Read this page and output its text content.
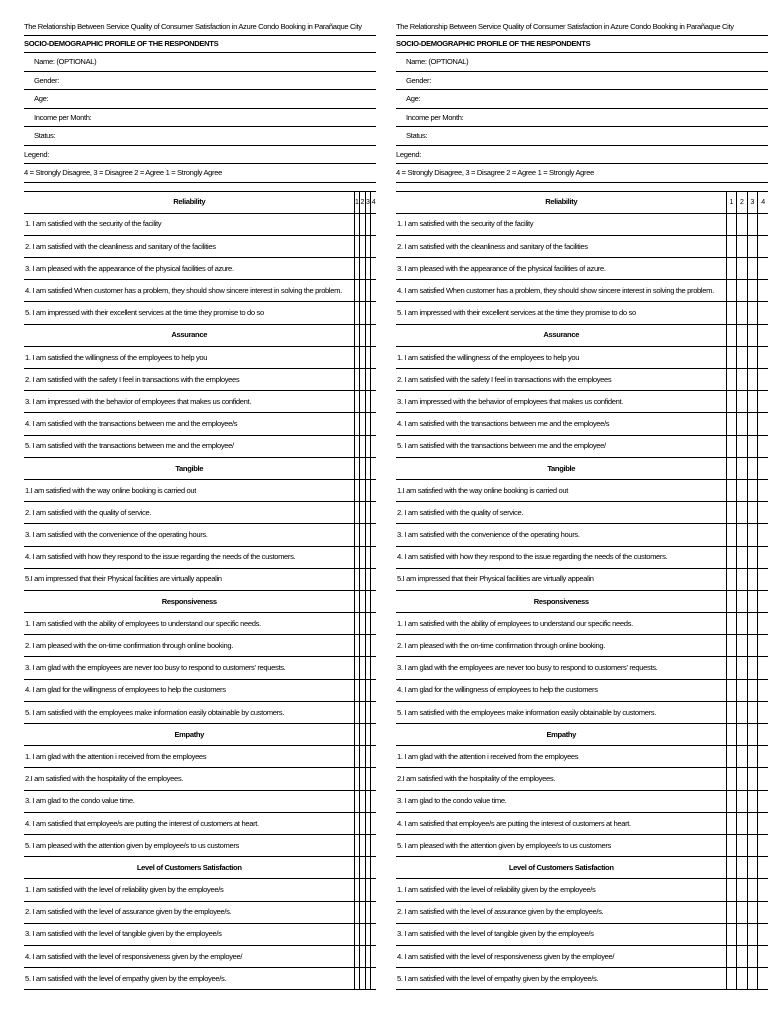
The Relationship Between Service Quality of Consumer Satisfaction in Azure Condo Booking in Parañaque City
SOCIO-DEMOGRAPHIC PROFILE OF THE RESPONDENTS
Name: (OPTIONAL)
Gender:
Age:
Income per Month:
Status:
Legend:
4 = Strongly Disagree, 3 = Disagree 2 = Agree 1 = Strongly Agree
Reliability	1	2	3	4
1. I am satisfied with the security of the facility				
2. I am satisfied with the cleanliness and sanitary of the facilities				
3. I am pleased with the appearance of the physical facilities of azure.				
4. I am satisfied When customer has a problem, they should show sincere interest in solving the problem.				
5. I am impressed with their excellent services at the time they promise to do so				
Assurance				
1. I am satisfied the willingness of the employees to help you				
2. I am satisfied with the safety I feel in transactions with the employees				
3. I am impressed with the behavior of employees that makes us confident.				
4. I am satisfied with the transactions between me and the employee/s				
5. I am satisfied with the transactions between me and the employee/				
Tangible				
1.I am satisfied with the way online booking is carried out				
2. I am satisfied with the quality of service.				
3. I am satisfied with the convenience of the operating hours.				
4. I am satisfied with how they respond to the issue regarding the needs of the customers.				
5.I am impressed that their Physical facilities are virtually appealin				
Responsiveness				
1. I am satisfied with the ability of employees to understand our specific needs.				
2. I am pleased with the on-time confirmation through online booking.				
3. I am glad with the employees are never too busy to respond to customers' requests.				
4. I am glad for the willingness of employees to help the customers				
5. I am satisfied with the employees make information easily obtainable by customers.				
Empathy				
1. I am glad with the attention i received from the employees				
2.I am satisfied with the hospitality of the employees.				
3. I am glad to the condo value time.				
4. I am satisfied that employee/s are putting the interest of customers at heart.				
5. I am pleased with the attention given by employee/s to us customers				
Level of Customers Satisfaction				
1. I am satisfied with the level of reliability given by the employee/s				
2. I am satisfied with the level of assurance given by the employee/s.				
3. I am satisfied with the level of tangible given by the employee/s				
4. I am satisfied with the level of responsiveness given by the employee/				
5. I am satisfied with the level of empathy given by the employee/s.				
The Relationship Between Service Quality of Consumer Satisfaction in Azure Condo Booking in Parañaque City
SOCIO-DEMOGRAPHIC PROFILE OF THE RESPONDENTS
Name: (OPTIONAL)
Gender:
Age:
Income per Month:
Status:
Legend:
4 = Strongly Disagree, 3 = Disagree 2 = Agree 1 = Strongly Agree
Reliability	1	2	3	4
1. I am satisfied with the security of the facility				
2. I am satisfied with the cleanliness and sanitary of the facilities				
3. I am pleased with the appearance of the physical facilities of azure.				
4. I am satisfied When customer has a problem, they should show sincere interest in solving the problem.				
5. I am impressed with their excellent services at the time they promise to do so				
Assurance				
1. I am satisfied the willingness of the employees to help you				
2. I am satisfied with the safety I feel in transactions with the employees				
3. I am impressed with the behavior of employees that makes us confident.				
4. I am satisfied with the transactions between me and the employee/s				
5. I am satisfied with the transactions between me and the employee/				
Tangible				
1.I am satisfied with the way online booking is carried out				
2. I am satisfied with the quality of service.				
3. I am satisfied with the convenience of the operating hours.				
4. I am satisfied with how they respond to the issue regarding the needs of the customers.				
5.I am impressed that their Physical facilities are virtually appealin				
Responsiveness				
1. I am satisfied with the ability of employees to understand our specific needs.				
2. I am pleased with the on-time confirmation through online booking.				
3. I am glad with the employees are never too busy to respond to customers' requests.				
4. I am glad for the willingness of employees to help the customers				
5. I am satisfied with the employees make information easily obtainable by customers.				
Empathy				
1. I am glad with the attention i received from the employees				
2.I am satisfied with the hospitality of the employees.				
3. I am glad to the condo value time.				
4. I am satisfied that employee/s are putting the interest of customers at heart.				
5. I am pleased with the attention given by employee/s to us customers				
Level of Customers Satisfaction				
1. I am satisfied with the level of reliability given by the employee/s				
2. I am satisfied with the level of assurance given by the employee/s.				
3. I am satisfied with the level of tangible given by the employee/s				
4. I am satisfied with the level of responsiveness given by the employee/				
5. I am satisfied with the level of empathy given by the employee/s.				
